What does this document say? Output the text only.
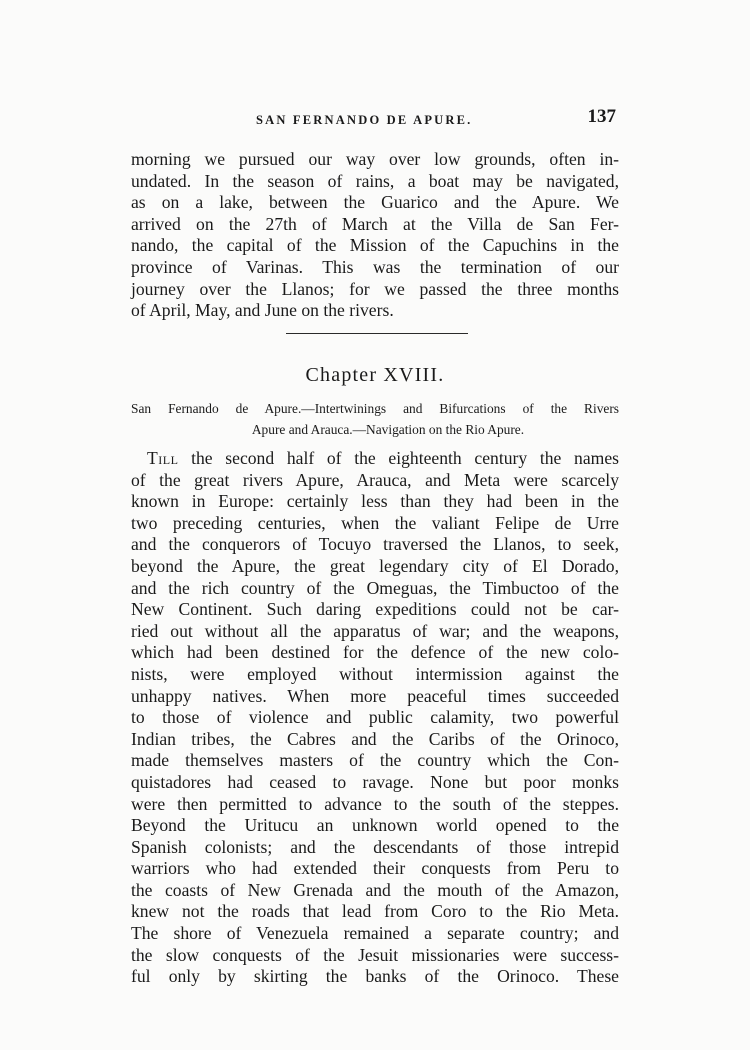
SAN FERNANDO DE APURE.	137
morning we pursued our way over low grounds, often in-
undated. In the season of rains, a boat may be navigated,
as on a lake, between the Guarico and the Apure. We
arrived on the 27th of March at the Villa de San Fer-
nando, the capital of the Mission of the Capuchins in the
province of Varinas. This was the termination of our
journey over the Llanos; for we passed the three months
of April, May, and June on the rivers.
Chapter XVIII.
San Fernando de Apure.—Intertwinings and Bifurcations of the Rivers
Apure and Arauca.—Navigation on the Rio Apure.
Till the second half of the eighteenth century the names
of the great rivers Apure, Arauca, and Meta were scarcely
known in Europe: certainly less than they had been in the
two preceding centuries, when the valiant Felipe de Urre
and the conquerors of Tocuyo traversed the Llanos, to seek,
beyond the Apure, the great legendary city of El Dorado,
and the rich country of the Omeguas, the Timbuctoo of the
New Continent. Such daring expeditions could not be car-
ried out without all the apparatus of war; and the weapons,
which had been destined for the defence of the new colo-
nists, were employed without intermission against the
unhappy natives. When more peaceful times succeeded
to those of violence and public calamity, two powerful
Indian tribes, the Cabres and the Caribs of the Orinoco,
made themselves masters of the country which the Con-
quistadores had ceased to ravage. None but poor monks
were then permitted to advance to the south of the steppes.
Beyond the Uritucu an unknown world opened to the
Spanish colonists; and the descendants of those intrepid
warriors who had extended their conquests from Peru to
the coasts of New Grenada and the mouth of the Amazon,
knew not the roads that lead from Coro to the Rio Meta.
The shore of Venezuela remained a separate country; and
the slow conquests of the Jesuit missionaries were success-
ful only by skirting the banks of the Orinoco. These
